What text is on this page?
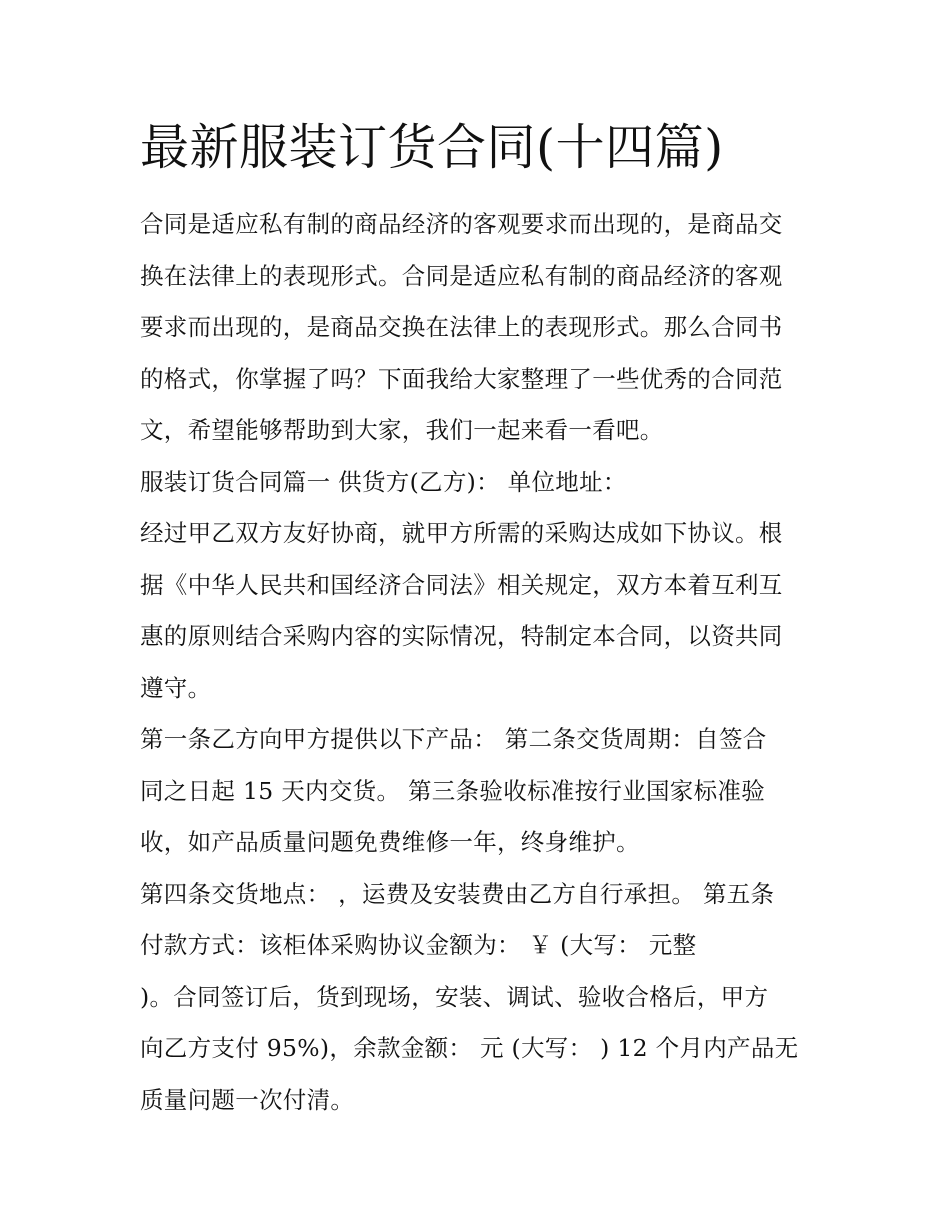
最新服装订货合同(十四篇)

合同是适应私有制的商品经济的客观要求而出现的，是商品交
换在法律上的表现形式。合同是适应私有制的商品经济的客观
要求而出现的，是商品交换在法律上的表现形式。那么合同书
的格式，你掌握了吗？下面我给大家整理了一些优秀的合同范
文，希望能够帮助到大家，我们一起来看一看吧。

服装订货合同篇一 供货方(乙方)： 单位地址：

经过甲乙双方友好协商，就甲方所需的采购达成如下协议。根
据《中华人民共和国经济合同法》相关规定，双方本着互利互
惠的原则结合采购内容的实际情况，特制定本合同，以资共同
遵守。

第一条乙方向甲方提供以下产品： 第二条交货周期：自签合
同之日起 15 天内交货。 第三条验收标准按行业国家标准验
收，如产品质量问题免费维修一年，终身维护。

第四条交货地点： ，运费及安装费由乙方自行承担。 第五条
付款方式：该柜体采购协议金额为： ￥ (大写： 元整
)。合同签订后，货到现场，安装、调试、验收合格后，甲方
向乙方支付 95%)，余款金额： 元 (大写： ) 12 个月内产品无
质量问题一次付清。
